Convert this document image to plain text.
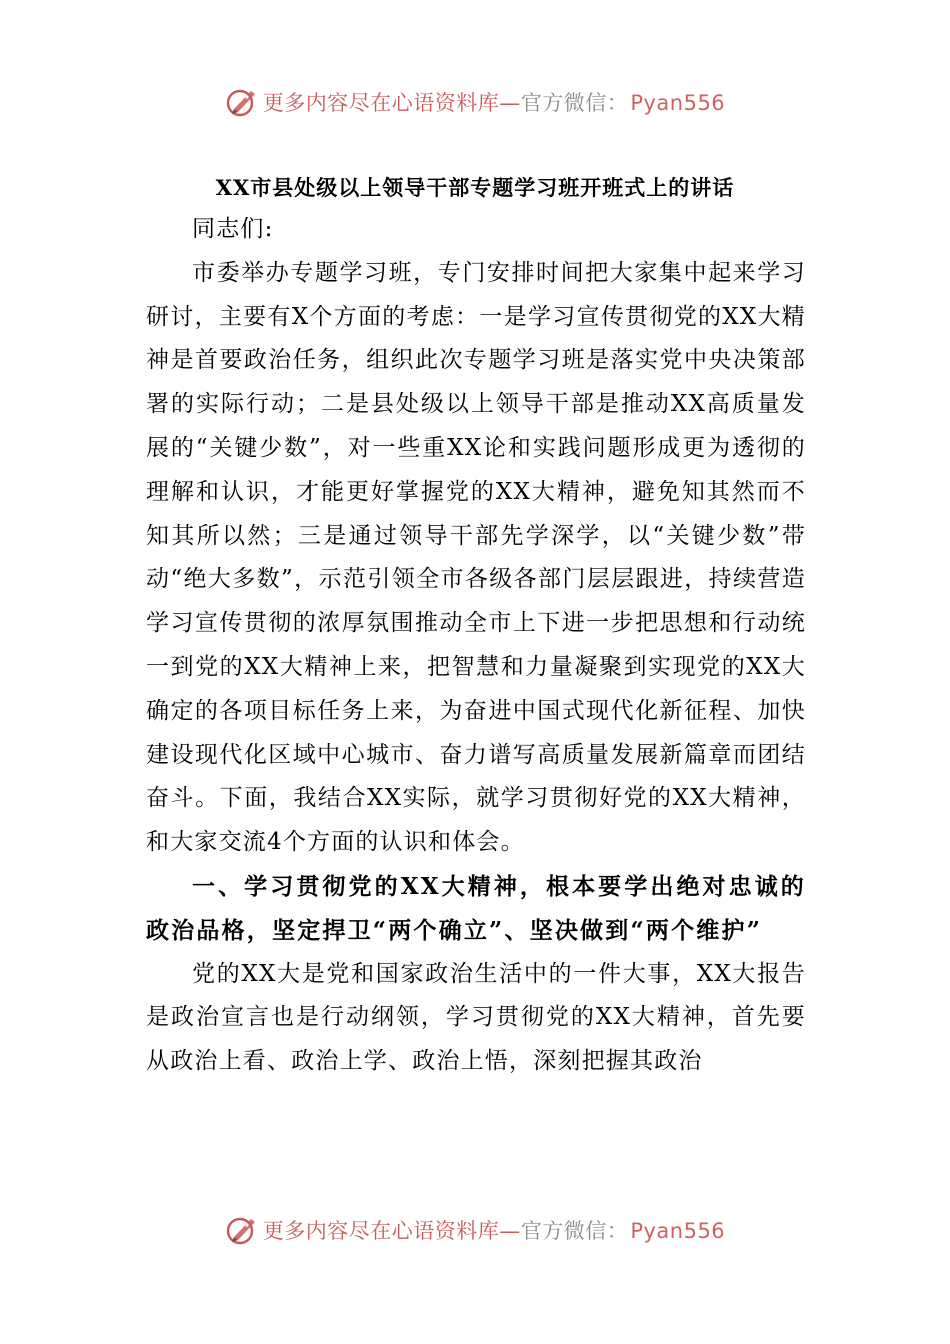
更多内容尽在心语资料库—官方微信：Pyan556
XX市县处级以上领导干部专题学习班开班式上的讲话

同志们:

市委举办专题学习班，专门安排时间把大家集中起来学习研讨，主要有X个方面的考虑：一是学习宣传贯彻党的XX大精神是首要政治任务，组织此次专题学习班是落实党中央决策部署的实际行动；二是县处级以上领导干部是推动XX高质量发展的“关键少数”，对一些重XX论和实践问题形成更为透彻的理解和认识，才能更好掌握党的XX大精神，避免知其然而不知其所以然；三是通过领导干部先学深学，以“关键少数”带动“绝大多数”，示范引领全市各级各部门层层跟进，持续营造学习宣传贯彻的浓厚氛围推动全市上下进一步把思想和行动统一到党的XX大精神上来，把智慧和力量凝聚到实现党的XX大确定的各项目标任务上来，为奋进中国式现代化新征程、加快建设现代化区域中心城市、奋力谱写高质量发展新篇章而团结奋斗。下面，我结合XX实际，就学习贯彻好党的XX大精神，和大家交流4个方面的认识和体会。

一、学习贯彻党的XX大精神，根本要学出绝对忠诚的政治品格，坚定捍卫“两个确立”、坚决做到“两个维护”

党的XX大是党和国家政治生活中的一件大事，XX大报告是政治宣言也是行动纲领，学习贯彻党的XX大精神，首先要从政治上看、政治上学、政治上悟，深刻把握其政治

更多内容尽在心语资料库—官方微信：Pyan556
